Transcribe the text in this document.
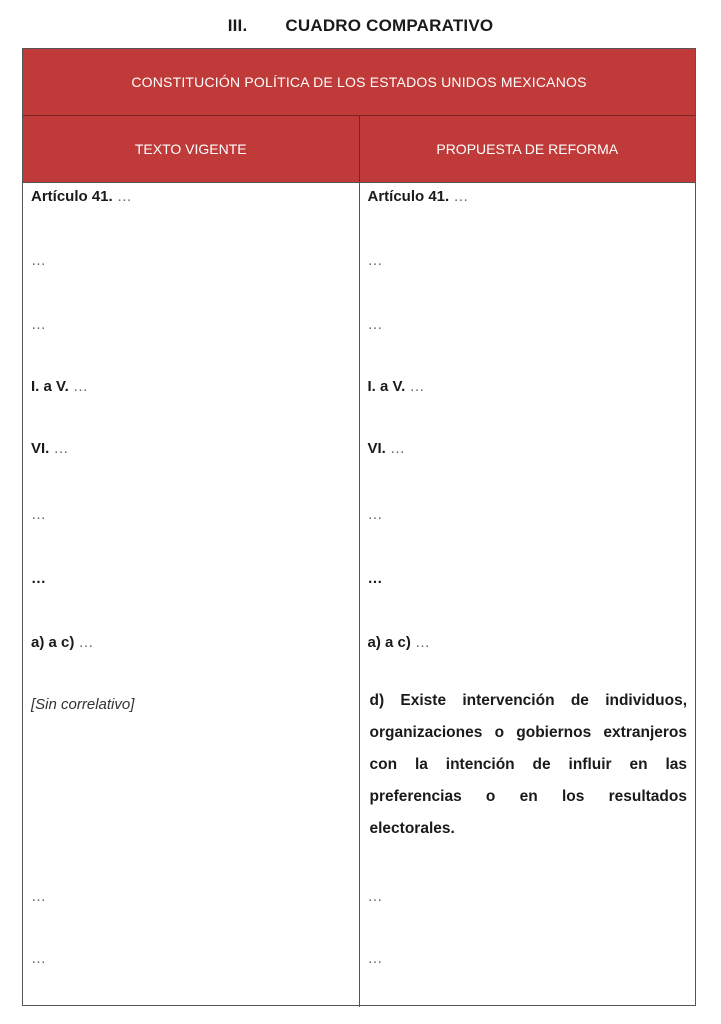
III. CUADRO COMPARATIVO
CONSTITUCIÓN POLÍTICA DE LOS ESTADOS UNIDOS MEXICANOS
TEXTO VIGENTE	PROPUESTA DE REFORMA
Artículo 41. …
…
…
I. a V. …
VI. …
…
…
a) a c) …
[Sin correlativo]
…
…
Artículo 41. …
…
…
I. a V. …
VI. …
…
…
a) a c) …
d) Existe intervención de individuos, organizaciones o gobiernos extranjeros con la intención de influir en las preferencias o en los resultados electorales.
…
…
